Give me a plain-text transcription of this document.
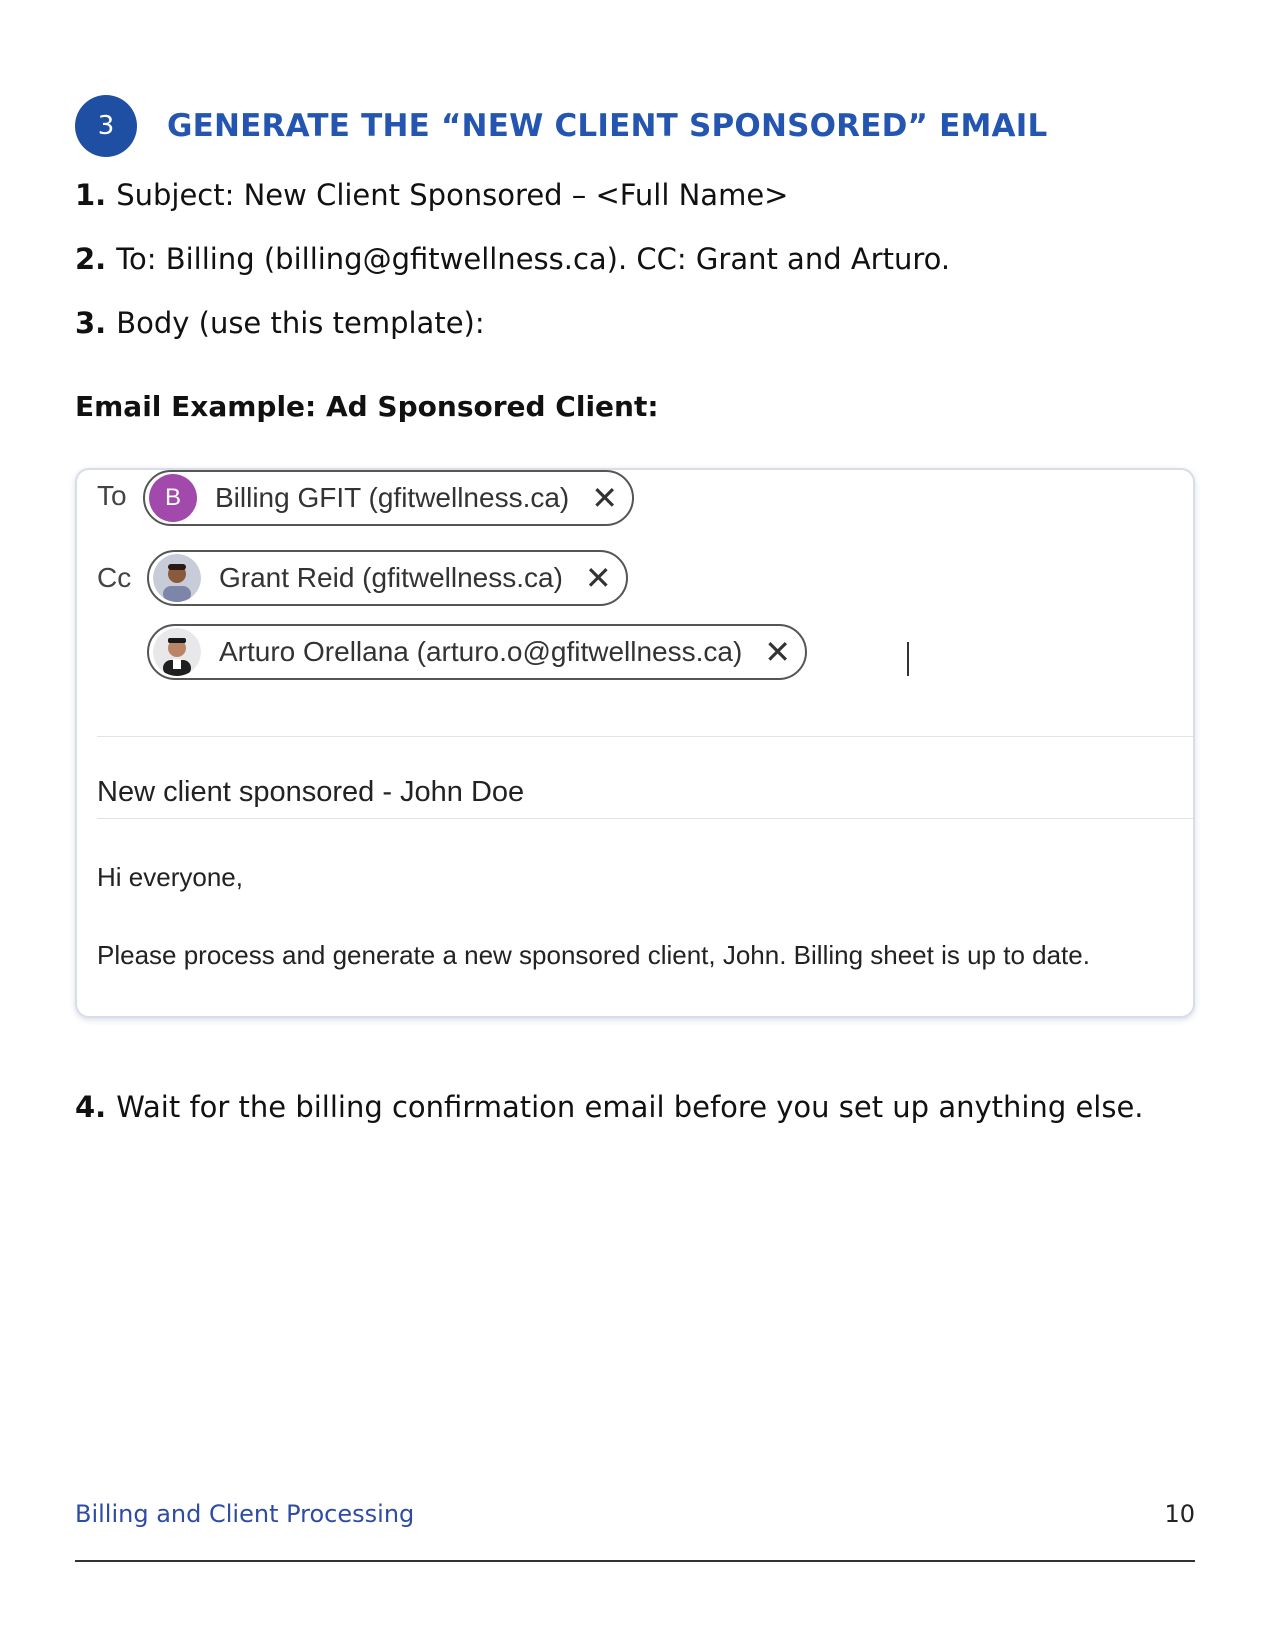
3	GENERATE THE “NEW CLIENT SPONSORED” EMAIL
1. Subject: New Client Sponsored – <Full Name>
2. To: Billing (billing@gfitwellness.ca). CC: Grant and Arturo.
3. Body (use this template):
Email Example: Ad Sponsored Client:
To	B	Billing GFIT (gfitwellness.ca) ✕
Cc	Grant Reid (gfitwellness.ca) ✕
Arturo Orellana (arturo.o@gfitwellness.ca) ✕
New client sponsored - John Doe
Hi everyone,
Please process and generate a new sponsored client, John. Billing sheet is up to date.
4. Wait for the billing confirmation email before you set up anything else.
Billing and Client Processing	10
